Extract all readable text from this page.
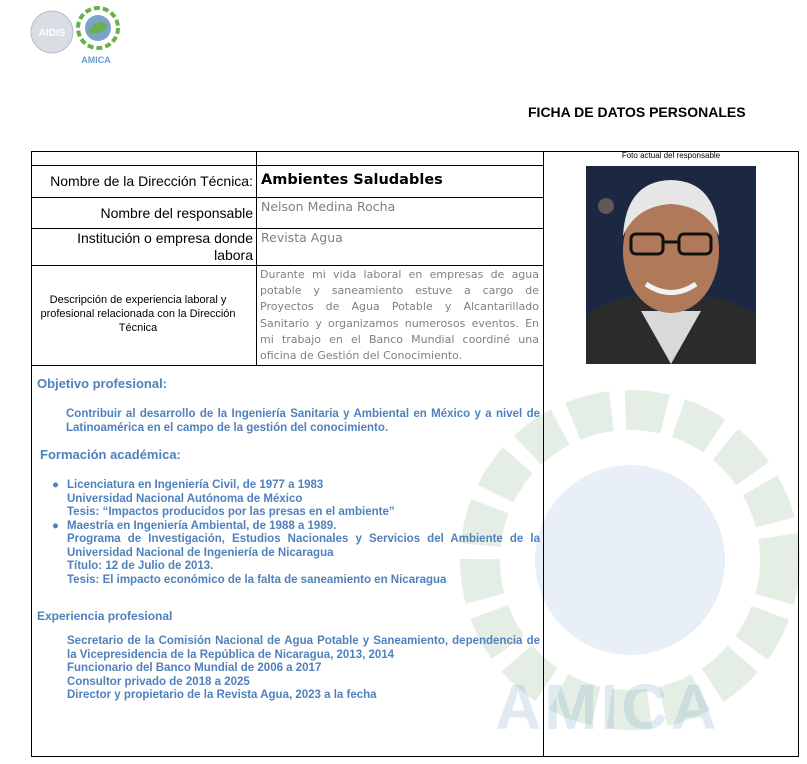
AIDIS
AMICA
AMICA
FICHA DE DATOS PERSONALES
Foto actual del responsable
Nombre de la Dirección Técnica: Ambientes Saludables
Nombre del responsable Nelson Medina Rocha
Institución o empresa donde labora
Revista Agua
Descripción de experiencia laboral y profesional relacionada con la Dirección Técnica
Durante mi vida laboral en empresas de agua potable y saneamiento estuve a cargo de Proyectos de Agua Potable y Alcantarillado Sanitario y organizamos numerosos eventos. En mi trabajo en el Banco Mundial coordiné una oficina de Gestión del Conocimiento.
Objetivo profesional:
Contribuir al desarrollo de la Ingeniería Sanitaria y Ambiental en México y a nivel de Latinoamérica en el campo de la gestión del conocimiento.
Formación académica:
● Licenciatura en Ingeniería Civil, de 1977 a 1983
Universidad Nacional Autónoma de México
Tesis: “Impactos producidos por las presas en el ambiente”
● Maestría en Ingeniería Ambiental, de 1988 a 1989.
Programa de Investigación, Estudios Nacionales y Servicios del Ambiente de la Universidad Nacional de Ingeniería de Nicaragua
Título: 12 de Julio de 2013.
Tesis: El impacto económico de la falta de saneamiento en Nicaragua
Experiencia profesional
Secretario de la Comisión Nacional de Agua Potable y Saneamiento, dependencia de la Vicepresidencia de la República de Nicaragua, 2013, 2014
Funcionario del Banco Mundial de 2006 a 2017
Consultor privado de 2018 a 2025
Director y propietario de la Revista Agua, 2023 a la fecha
